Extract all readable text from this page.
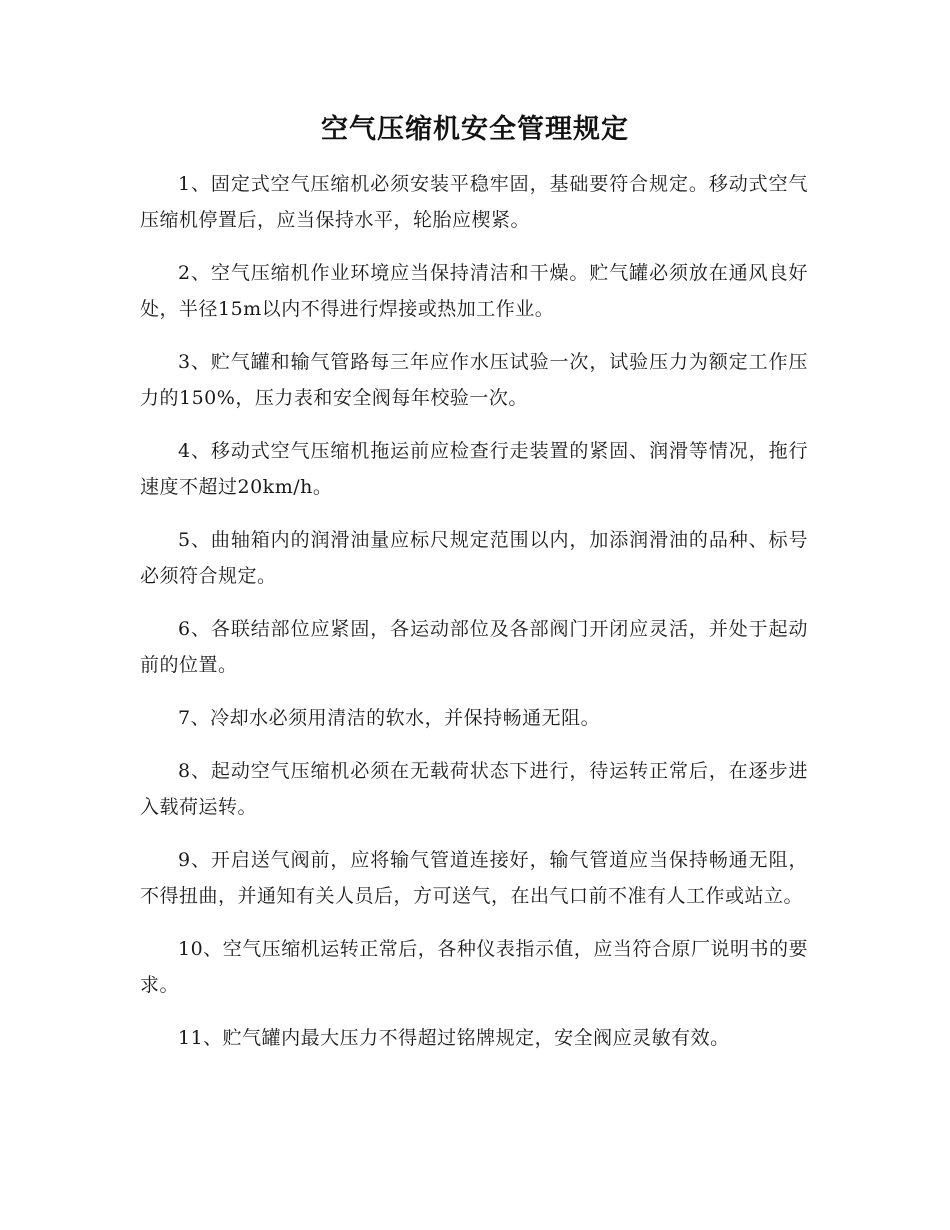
空气压缩机安全管理规定

1、固定式空气压缩机必须安装平稳牢固，基础要符合规定。移动式空气压缩机停置后，应当保持水平，轮胎应楔紧。

2、空气压缩机作业环境应当保持清洁和干燥。贮气罐必须放在通风良好处，半径15m以内不得进行焊接或热加工作业。

3、贮气罐和输气管路每三年应作水压试验一次，试验压力为额定工作压力的150%，压力表和安全阀每年校验一次。

4、移动式空气压缩机拖运前应检查行走装置的紧固、润滑等情况，拖行速度不超过20km/h。

5、曲轴箱内的润滑油量应标尺规定范围以内，加添润滑油的品种、标号必须符合规定。

6、各联结部位应紧固，各运动部位及各部阀门开闭应灵活，并处于起动前的位置。

7、冷却水必须用清洁的软水，并保持畅通无阻。

8、起动空气压缩机必须在无载荷状态下进行，待运转正常后，在逐步进入载荷运转。

9、开启送气阀前，应将输气管道连接好，输气管道应当保持畅通无阻，不得扭曲，并通知有关人员后，方可送气，在出气口前不准有人工作或站立。

10、空气压缩机运转正常后，各种仪表指示值，应当符合原厂说明书的要求。

11、贮气罐内最大压力不得超过铭牌规定，安全阀应灵敏有效。
